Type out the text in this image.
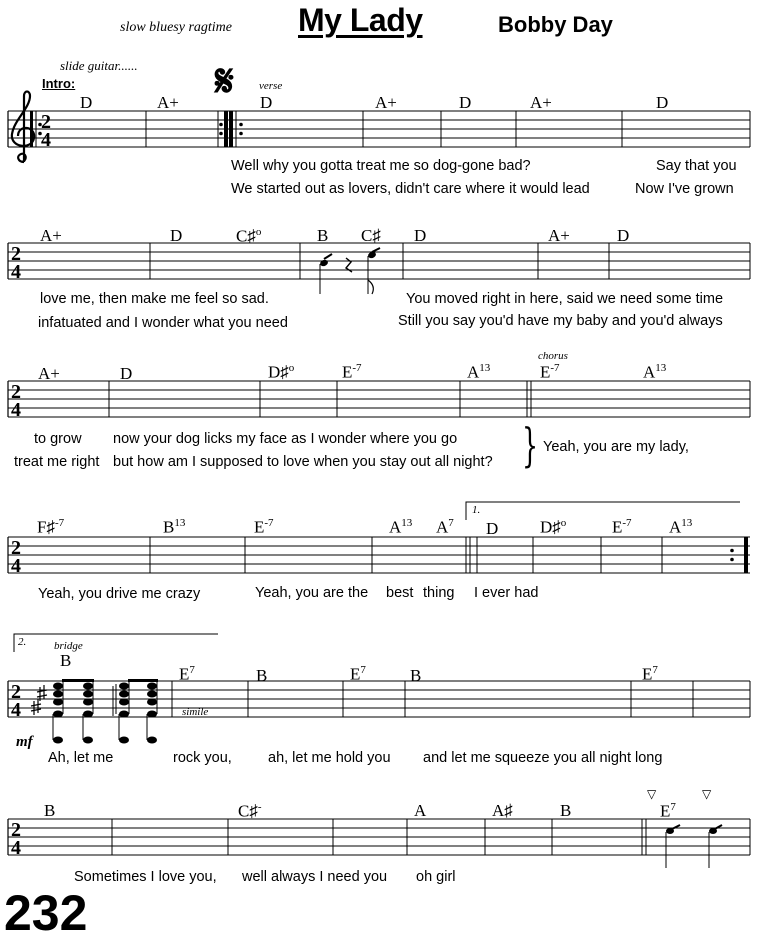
slow bluesy ragtime My Lady	Bobby Day
slide guitar......
Intro:	𝄋 verse
chorus
bridge
simile
1.
2.
mf
}
▽	▽
232
D	A+	D	A+	D	A+	D
Well why you gotta treat me so dog-gone bad?	Say that you
We started out as lovers, didn't care where it would lead	Now I've grown
A+	D	C♯$^o$	B C♯ D	A+	D
love me, then make me feel so sad.	You moved right in here, said we need some time
infatuated and I wonder what you need	Still you say you'd have my baby and you'd always
A+	D	D♯$^o$	$E^{-7}$	$A^{13}$	$E^{-7}$	$A^{13}$
to grow now your dog licks my face as I wonder where you go
treat me right but how am I supposed to love when you stay out all night?
Yeah, you are my lady,
F♯$^{-7}$	$B^{13}$	$E^{-7}$	$A^{13}$ $A^7$ D D♯$^o$	$E^{-7}$ $A^{13}$
Yeah, you drive me crazy	Yeah, you are the best thing I ever had
B
$E^7$	B	$E^7$	B	$E^7$
Ah, let me	rock you, ah, let me hold you and let me squeeze you all night long
B	C♯-	A	A♯	B	$E^7$
Sometimes I love you, well always I need you oh girl
2
4
2
4
2
4
2
4
2
4
2
4
